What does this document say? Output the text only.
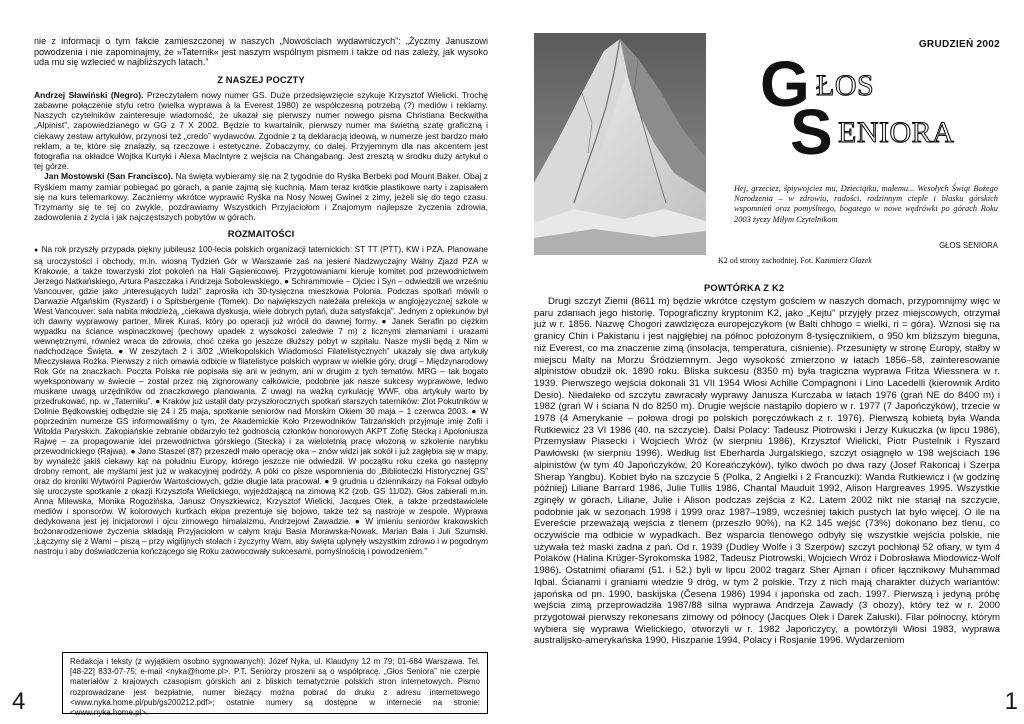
nie z informacji o tym fakcie zamieszczonej w naszych „Nowościach wydawniczych”: „Życzmy Januszowi powodzenia i nie zapominajmy, że »Taternik« jest naszym wspólnym pismem i także od nas zależy, jak wysoko uda mu się wzlecieć w najbliższych latach.”

Z NASZEJ POCZTY

Andrzej Sławiński (Negro). Przeczytałem nowy numer GS. Duże przedsięwzięcie szykuje Krzysztof Wielicki. Trochę zabawne połączenie stylu retro (wielka wyprawa à la Everest 1980) ze współczesną potrzebą (?) mediów i reklamy. Naszych czytelników zainteresuje wiadomość, że ukazał się pierwszy numer nowego pisma Christiana Beckwitha „Alpinist”, zapowiedzianego w GG z 7 X 2002. Będzie to kwartalnik, pierwszy numer ma świetną szatę graficzną i ciekawy zestaw artykułów, przynosi też „credo” wydawców. Zgodnie z tą deklaracją ideową, w numerze jest bardzo mało reklam, a te, które się znalazły, są rzeczowe i estetyczne. Zobaczymy, co dalej. Przyjemnym dla nas akcentem jest fotografia na okładce Wojtka Kurtyki i Alexa MacIntyre z wejścia na Changabang. Jest zresztą w środku duży artykuł o tej górze.

Jan Mostowski (San Francisco). Na święta wybieramy się na 2 tygodnie do Ryśka Berbeki pod Mount Baker. Obaj z Ryśkiem mamy zamiar pobiegać po górach, a panie zajmą się kuchnią. Mam teraz krótkie plastikowe narty i zapisałem się na kurs telemarkowy. Zaczniemy wkrótce wyprawić Ryśka na Nosy Nowej Gwinei z zimy, jeżeli się do tego czasu. Trzymamy się te tej co zwykle, pozdrawiamy Wszystkich Przyjaciołom i Znajomym najlepsze życzenia zdrowia, zadowolenia z życia i jak najczęstszych pobytów w górach.

ROZMAITOŚCI

● Na rok przyszły przypada piękny jubileusz 100-lecia polskich organizacji taternickich: ST TT (PTT), KW i PZA. Planowane są uroczystości i obchody, m.in. wiosną Tydzień Gór w Warszawie zaś na jesieni Nadzwyczajny Walny Zjazd PZA w Krakowie, a także towarzyski zlot pokoleń na Hali Gąsienicowej. Przygotowaniami kieruje komitet pod przewodnictwem Jerzego Natkańskiego, Artura Paszczaka i Andrzeja Sobolewskiego. ● Schrammowie – Ojciec i Syn – odwiedzili we wrześniu Vancouver, gdzie jako „interesujących ludzi” zaprosiła ich 30-tysięczna mieszkowa Polonia. Podczas spotkań mówili o Darwazie Afgańskim (Ryszard) i o Spitsbergenie (Tomek). Do największych należała prelekcja w anglojęzycznej szkole w West Vancouver: sala nabita młodzieżą, „ciekawa dyskusja, wiele dobrych pytań, duża satysfakcja”. Jednym z opiekunów był ich dawny wyprawowy partner, Mirek Kuraś, który po operacji już wrócił do dawnej formy. ● Janek Serafin po ciężkim wypadku na ściance wspinaczkowej (pechowy upadek z wysokości zaledwie 7 m) z licznymi złamaniami i urazami wewnętrznymi, również wraca do zdrowia, choć czeka go jeszcze dłuższy pobyt w szpitalu. Nasze myśli będą z Nim w nadchodzące Święta. ● W zeszytach 2 i 3/02 „Wielkopolskich Wiadomości Filatelistycznych” ukazały się dwa artykuły Mieczysława Rożka. Pierwszy z nich omawia odbicie w filatelistyce polskich wypraw w wielkie góry, drugi – Międzynarodowy Rok Gór na znaczkach. Poczta Polska nie popisała się ani w jednym, ani w drugim z tych tematów. MRG – tak bogato wyeksponowany w świecie – został przez nią zignorowany całkowicie, podobnie jak nasze sukcesy wyprawowe, ledwo muskane uwagą urzędników od znaczkowego planowania. Z uwagi na ważką cyrkulację WWF, oba artykuły warto by przedrukować, np. w „Taterniku”. ● Kraków już ustalił daty przyszłorocznych spotkań starszych taterników: Zlot Pokutników w Dolinie Będkowskiej odbędzie się 24 i 25 maja, spotkanie seniorów nad Morskim Okiem 30 maja – 1 czerwca 2003. ● W poprzednim numerze GS informowaliśmy o tym, że Akademickie Koło Przewodników Tatrzańskich przyjmuje imię Zofii i Witolda Paryskich. Zakopiańskie zebranie obdarzyło też godnością członków honorowych AKPT Zofię Stecką i Apoloniusza Rajwę – za propagowanie idei przewodnictwa górskiego (Stecka) i za wieloletnią pracę włożoną w szkolenie narybku przewodnickiego (Rajwa). ● Jano Staszel (87) przeszedł mało operację oka – znów widzi jak sokół i już zagłębia się w mapy, by wynaleźć jakiś ciekawy kąt na południu Europy, którego jeszcze nie odwiedził. W początku roku czeka go następny drobny remont, ale myślami jest już w wakacyjnej podróży. A póki co pisze wspomnienia do „Biblioteczki Historycznej GS” oraz do kroniki Wytwórni Papierów Wartościowych, gdzie długie lata pracował. ● 9 grudnia u dziennikarzy na Foksal odbyło się uroczyste spotkanie z okazji Krzysztofa Wielickiego, wyjeżdżającą na zimową K2 (zob. GS 11/02). Głos zabierali m.in. Anna Milewska, Monika Rogozińska, Janusz Onyszkiewicz, Krzysztof Wielicki, Jacques Olek, a także przedstawiciele mediów i sponsorów. W kolorowych kurtkach ekipa prezentuje się bojowo, także też są nastroje w zespole. Wyprawa dedykowana jest jej inicjatorowi i ojcu zimowego himalaizmu, Andrzejowi Zawadzie. ● W imieniu seniorów krakowskich bożonarodzeniowe życzenia składają Przyjaciołom w całym kraju Basia Morawska-Nowak, Marian Bała i Juli Szumski. „Łączymy się z Wami – piszą – przy wigilijnych stołach i życzymy Wam, aby święta uplynęły wszystkim zdrowo i w pogodnym nastroju i aby doświadczenia kończącego się Roku zaowocowały sukcesami, pomyślnością i powodzeniem.”

Redakcja i teksty (z wyjątkiem osobno sygnowanych): Józef Nyka, ul. Klaudyny 12 m 79; 01-684 Warszawa. Tel. [48-22] 833-07-75; e-mail <nyka@home.pl>. P.T. Seniorzy proszeni są o współpracę. „Głos Seniora” nie czerpie materiałów z krajowych czasopism górskich ani z bliskich tematycznie polskich stron internetowych. Pismo rozprowadzane jest bezpłatnie, numer bieżący można pobrać do druku z adresu internetowego <www.nyka.home.pl/pub/gs200212.pdf>; ostatnie numery są dostępne w internecie na stronie: <www.nyka.home.pl>.

4
K2 od strony zachodniej. Fot. Kazimierz Głazek
GRUDZIEŃ 2002
G ŁOS
S ENIORA

Hej, grzeciez, śpiywojciez mu, Dzieciątku, małemu... Wesołych Świąt Bożego Narodzenia – w zdrowiu, radości, rodzinnym cieple i blasku górskich wspomnień oraz pomyślnego, bogatego w nowe wędrówki po górach Roku 2003 życzy Miłym Czytelnikom

GŁOS SENIORA
POWTÓRKA Z K2

Drugi szczyt Ziemi (8611 m) będzie wkrótce częstym gościem w naszych domach, przypomnijmy więc w paru zdaniach jego historię. Topograficzny kryptonim K2, jako „Kejtu” przyjęły przez miejscowych, otrzymał już w r. 1856. Nazwę Chogori zawdzięcza europejczykom (w Balti chhogo = wielki, ri = góra). Wznosi się na granicy Chin i Pakistanu i jest najgłębiej na północ położonym 8-tysięcznikiem, o 950 km bliższym bieguna, niż Everest, co ma znaczenie zimą (insolacja, temperatura, ciśnienie). Przesunięty w stronę Europy, stałby w miejscu Malty na Morzu Śródziemnym. Jego wysokość zmierzono w latach 1856–58, zainteresowanie alpinistów obudził ok. 1890 roku. Bliska sukcesu (8350 m) była tragiczna wyprawa Fritza Wiessnera w r. 1939. Pierwszego wejścia dokonali 31 VII 1954 Włosi Achille Compagnoni i Lino Lacedelli (kierownik Ardito Desio). Niedaleko od szczytu zawracały wyprawy Janusza Kurczaba w latach 1976 (grań NE do 8400 m) i 1982 (grań W i ściana N do 8250 m). Drugie wejście nastąpiło dopiero w r. 1977 (7 Japończyków), trzecie w 1978 (4 Amerykanie – połowa drogi po polskich poręczówkach z r. 1976). Pierwszą kobietą była Wanda Rutkiewicz 23 VI 1986 (40. na szczycie). Dalsi Polacy: Tadeusz Piotrowski i Jerzy Kukuczka (w lipcu 1986), Przemysław Piasecki i Wojciech Wróż (w sierpniu 1986), Krzysztof Wielicki, Piotr Pustelnik i Ryszard Pawłowski (w sierpniu 1996). Według list Eberharda Jurgalskiego, szczyt osiągnęło w 198 wejściach 196 alpinistów (w tym 40 Japończyków, 20 Koreańczyków), tylko dwóch po dwa razy (Josef Rakoncaj i Szerpa Sherap Yangbu). Kobiet było na szczycie 5 (Polka, 2 Angielki i 2 Francuzki): Wanda Rutkiewicz i (w godzinę później) Liliane Barrard 1986, Julie Tullis 1986, Chantal Mauduit 1992, Alison Hargreaves 1995. Wszystkie zginęły w górach, Liliane, Julie i Alison podczas zejścia z K2. Latem 2002 nikt nie stanął na szczycie, podobnie jak w sezonach 1998 i 1999 oraz 1987–1989, wcześniej takich pustych lat było więcej. O ile na Evereście przeważają wejścia z tlenem (przeszło 90%), na K2 145 wejść (73%) dokonano bez tlenu, co oczywiście ma odbicie w wypadkach. Bez wsparcia tlenowego odbyły się wszystkie wejścia polskie, nie używała też maski żadna z pań. Od r. 1939 (Dudley Wolfe i 3 Szerpów) szczyt pochłonął 52 ofiary, w tym 4 Polaków (Halina Krüger-Syrokomska 1982, Tadeusz Piotrowski, Wojciech Wróż i Dobrosława Miodowicz-Wolf 1986). Ostatnimi ofiarami (51. i 52.) byli w lipcu 2002 tragarz Sher Ajman i oficer łącznikowy Muhammad Iqbal. Ścianami i graniami wiedzie 9 dróg, w tym 2 polskie. Trzy z nich mają charakter dużych wariantów: japońska od pn. 1990, baskijska (Česena 1986) 1994 i japońska od zach. 1997. Pierwszą i jedyną próbę wejścia zimą przeprowadziła 1987/88 silna wyprawa Andrzeja Zawady (3 obozy), który też w r. 2000 przygotował pierwszy rekonesans zimowy od północy (Jacques Olek i Darek Załuski). Filar północny, którym wybiera się wyprawa Wielickiego, otworzyli w r. 1982 Japończycy, a powtórzyli Włosi 1983, wyprawa australijsko-amerykańska 1990, Hiszpanie 1994, Polacy i Rosjanie 1996. Wydarzeniom

1
